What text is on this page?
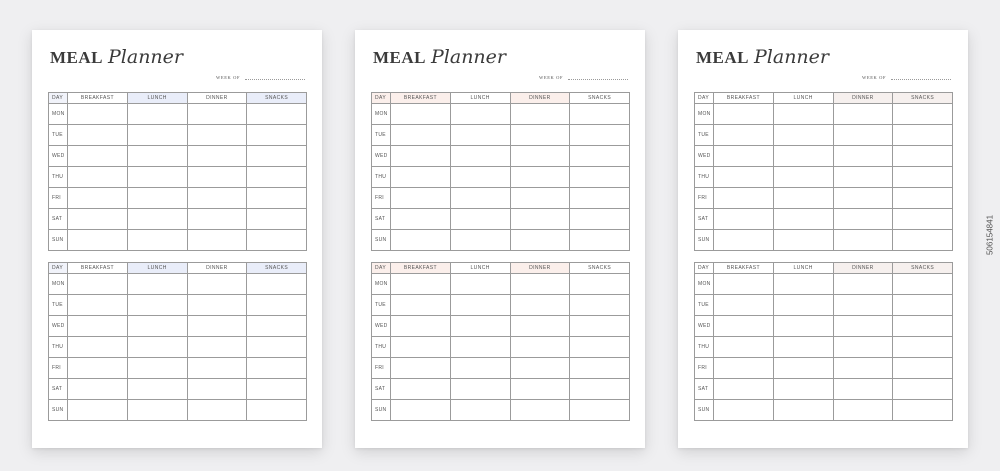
MEAL Planner
WEEK OF
DAY	BREAKFAST	LUNCH	DINNER	SNACKS
MON				
TUE				
WED				
THU				
FRI				
SAT				
SUN				
DAY	BREAKFAST	LUNCH	DINNER	SNACKS
MON				
TUE				
WED				
THU				
FRI				
SAT				
SUN				
MEAL Planner
WEEK OF
DAY	BREAKFAST	LUNCH	DINNER	SNACKS
MON				
TUE				
WED				
THU				
FRI				
SAT				
SUN				
DAY	BREAKFAST	LUNCH	DINNER	SNACKS
MON				
TUE				
WED				
THU				
FRI				
SAT				
SUN				
MEAL Planner
WEEK OF
DAY	BREAKFAST	LUNCH	DINNER	SNACKS
MON				
TUE				
WED				
THU				
FRI				
SAT				
SUN				
DAY	BREAKFAST	LUNCH	DINNER	SNACKS
MON				
TUE				
WED				
THU				
FRI				
SAT				
SUN				
506154841
